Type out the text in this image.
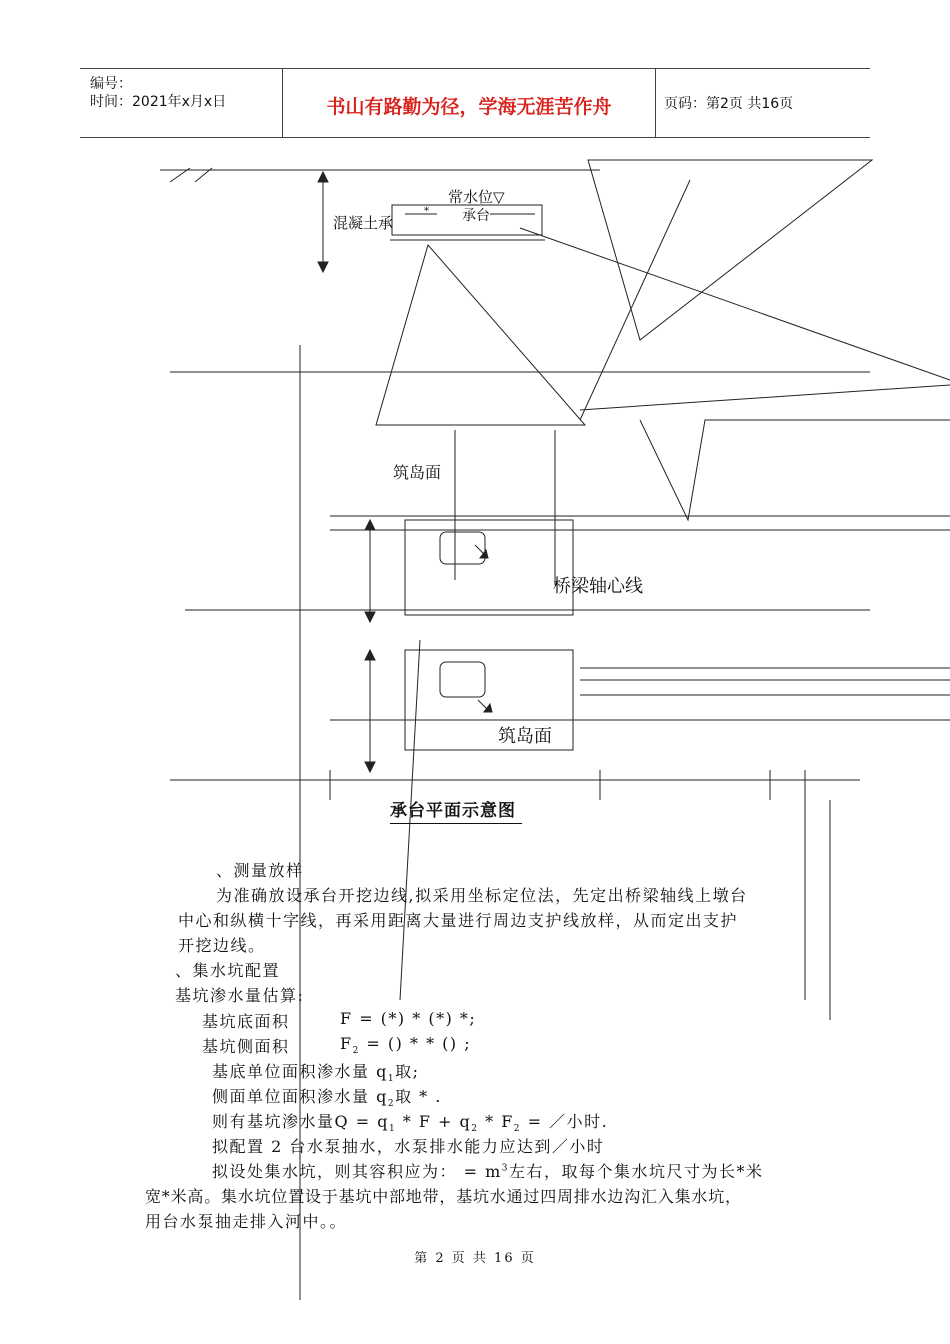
编号：
时间：2021年x月x日	书山有路勤为径，学海无涯苦作舟	页码：第2页 共16页
常水位▽
混凝土承
* 承台
筑岛面
桥梁轴心线
筑岛面
承台平面示意图
、测量放样
为准确放设承台开挖边线,拟采用坐标定位法，先定出桥梁轴线上墩台
中心和纵横十字线，再采用距离大量进行周边支护线放样，从而定出支护
开挖边线。
、集水坑配置
基坑渗水量估算:
基坑底面积	F = (*) * (*) *;
基坑侧面积	$F_2$ = () * * () ;
基底单位面积渗水量 $q_1$取;
侧面单位面积渗水量 $q_2$取 * .
则有基坑渗水量$Q = q_1 * F + q_2 * F_2$ = ／小时.
拟配置 2 台水泵抽水，水泵排水能力应达到／小时
拟设处集水坑，则其容积应为： = $m^3$左右，取每个集水坑尺寸为长*米
宽*米高。集水坑位置设于基坑中部地带，基坑水通过四周排水边沟汇入集水坑，
用台水泵抽走排入河中。。
第 2 页 共 16 页
